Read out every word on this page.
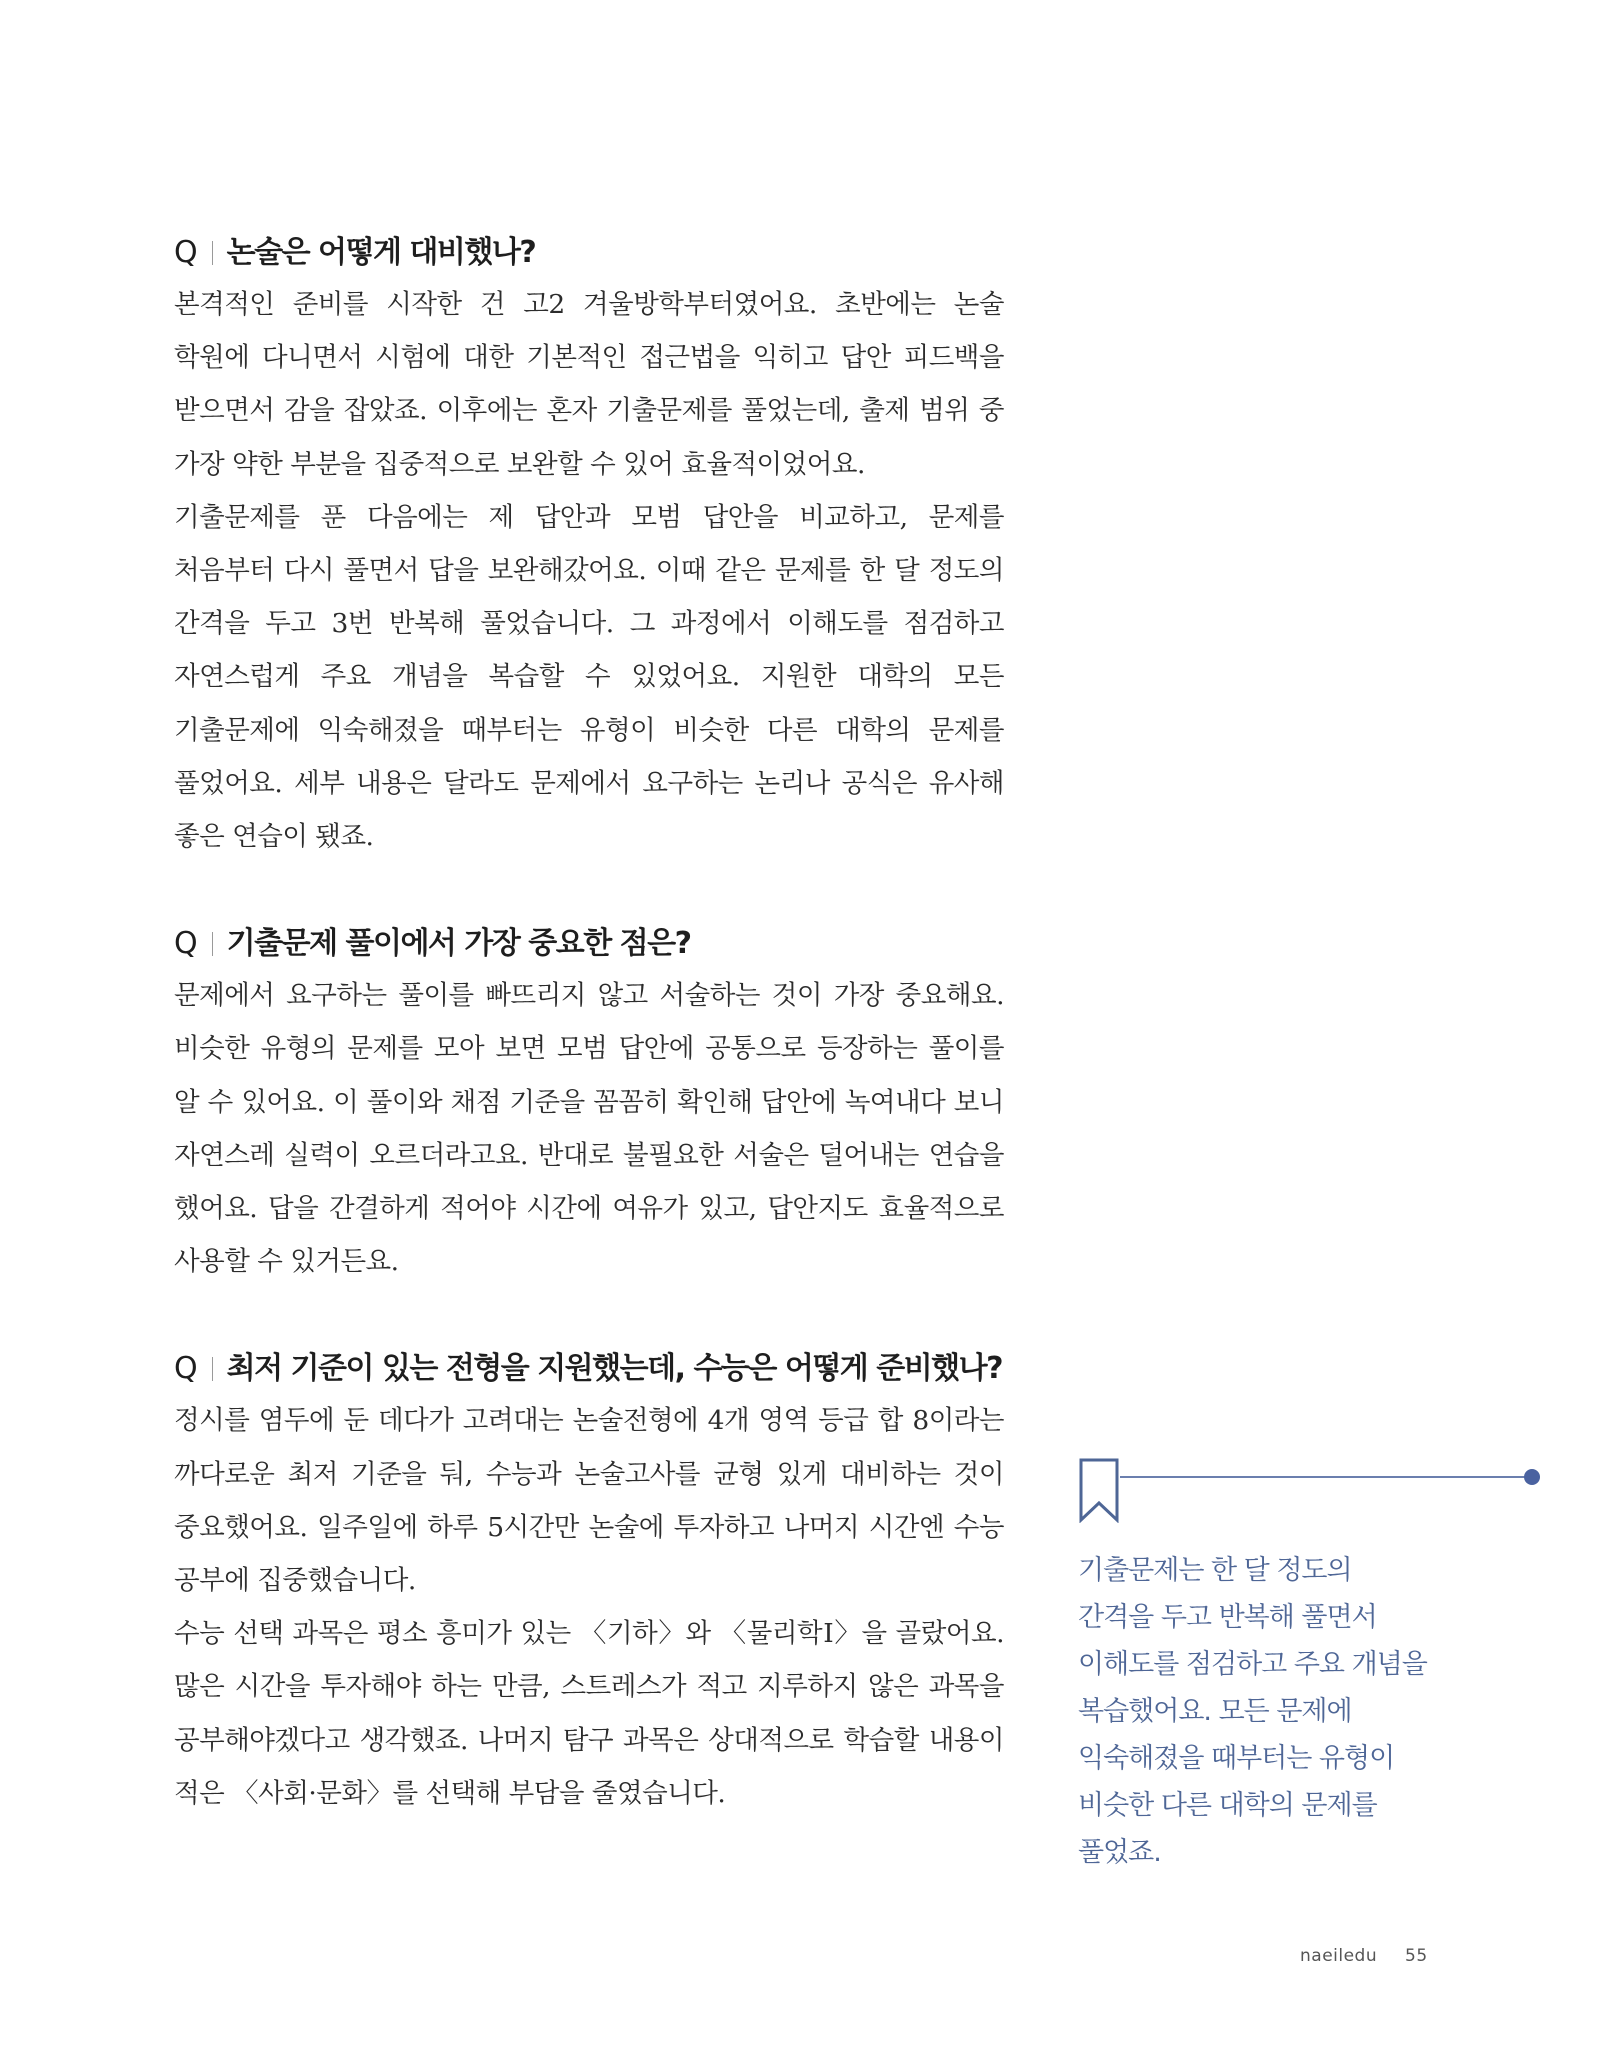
Q 논술은 어떻게 대비했나?

본격적인 준비를 시작한 건 고2 겨울방학부터였어요. 초반에는 논술 학원에 다니면서 시험에 대한 기본적인 접근법을 익히고 답안 피드백을 받으면서 감을 잡았죠. 이후에는 혼자 기출문제를 풀었는데, 출제 범위 중 가장 약한 부분을 집중적으로 보완할 수 있어 효율적이었어요.

기출문제를 푼 다음에는 제 답안과 모범 답안을 비교하고, 문제를 처음부터 다시 풀면서 답을 보완해갔어요. 이때 같은 문제를 한 달 정도의 간격을 두고 3번 반복해 풀었습니다. 그 과정에서 이해도를 점검하고 자연스럽게 주요 개념을 복습할 수 있었어요. 지원한 대학의 모든 기출문제에 익숙해졌을 때부터는 유형이 비슷한 다른 대학의 문제를 풀었어요. 세부 내용은 달라도 문제에서 요구하는 논리나 공식은 유사해 좋은 연습이 됐죠.

Q 기출문제 풀이에서 가장 중요한 점은?

문제에서 요구하는 풀이를 빠뜨리지 않고 서술하는 것이 가장 중요해요. 비슷한 유형의 문제를 모아 보면 모범 답안에 공통으로 등장하는 풀이를 알 수 있어요. 이 풀이와 채점 기준을 꼼꼼히 확인해 답안에 녹여내다 보니 자연스레 실력이 오르더라고요. 반대로 불필요한 서술은 덜어내는 연습을 했어요. 답을 간결하게 적어야 시간에 여유가 있고, 답안지도 효율적으로 사용할 수 있거든요.

Q 최저 기준이 있는 전형을 지원했는데, 수능은 어떻게 준비했나?

정시를 염두에 둔 데다가 고려대는 논술전형에 4개 영역 등급 합 8이라는 까다로운 최저 기준을 둬, 수능과 논술고사를 균형 있게 대비하는 것이 중요했어요. 일주일에 하루 5시간만 논술에 투자하고 나머지 시간엔 수능 공부에 집중했습니다.

수능 선택 과목은 평소 흥미가 있는 〈기하〉와 〈물리학Ⅰ〉을 골랐어요. 많은 시간을 투자해야 하는 만큼, 스트레스가 적고 지루하지 않은 과목을 공부해야겠다고 생각했죠. 나머지 탐구 과목은 상대적으로 학습할 내용이 적은 〈사회·문화〉를 선택해 부담을 줄였습니다.

기출문제는 한 달 정도의
간격을 두고 반복해 풀면서
이해도를 점검하고 주요 개념을
복습했어요. 모든 문제에
익숙해졌을 때부터는 유형이
비슷한 다른 대학의 문제를
풀었죠.
naeiledu 55
